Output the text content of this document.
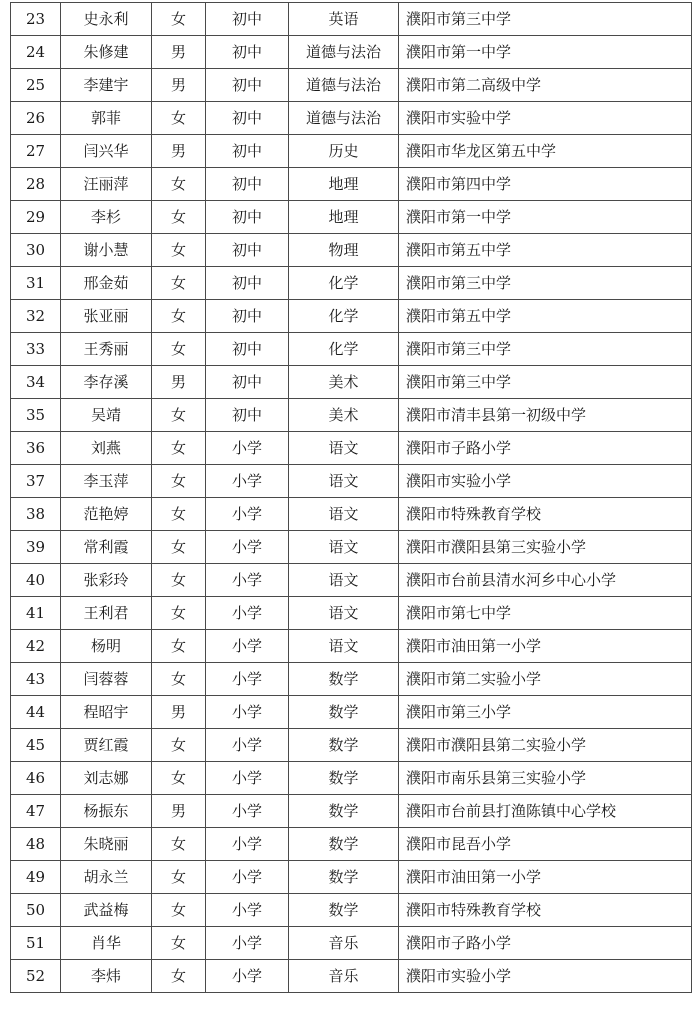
23	史永利	女	初中	英语	濮阳市第三中学
24	朱修建	男	初中	道德与法治	濮阳市第一中学
25	李建宇	男	初中	道德与法治	濮阳市第二高级中学
26	郭菲	女	初中	道德与法治	濮阳市实验中学
27	闫兴华	男	初中	历史	濮阳市华龙区第五中学
28	汪丽萍	女	初中	地理	濮阳市第四中学
29	李杉	女	初中	地理	濮阳市第一中学
30	谢小慧	女	初中	物理	濮阳市第五中学
31	邢金茹	女	初中	化学	濮阳市第三中学
32	张亚丽	女	初中	化学	濮阳市第五中学
33	王秀丽	女	初中	化学	濮阳市第三中学
34	李存溪	男	初中	美术	濮阳市第三中学
35	吴靖	女	初中	美术	濮阳市清丰县第一初级中学
36	刘燕	女	小学	语文	濮阳市子路小学
37	李玉萍	女	小学	语文	濮阳市实验小学
38	范艳婷	女	小学	语文	濮阳市特殊教育学校
39	常利霞	女	小学	语文	濮阳市濮阳县第三实验小学
40	张彩玲	女	小学	语文	濮阳市台前县清水河乡中心小学
41	王利君	女	小学	语文	濮阳市第七中学
42	杨明	女	小学	语文	濮阳市油田第一小学
43	闫蓉蓉	女	小学	数学	濮阳市第二实验小学
44	程昭宇	男	小学	数学	濮阳市第三小学
45	贾红霞	女	小学	数学	濮阳市濮阳县第二实验小学
46	刘志娜	女	小学	数学	濮阳市南乐县第三实验小学
47	杨振东	男	小学	数学	濮阳市台前县打渔陈镇中心学校
48	朱晓丽	女	小学	数学	濮阳市昆吾小学
49	胡永兰	女	小学	数学	濮阳市油田第一小学
50	武益梅	女	小学	数学	濮阳市特殊教育学校
51	肖华	女	小学	音乐	濮阳市子路小学
52	李炜	女	小学	音乐	濮阳市实验小学
